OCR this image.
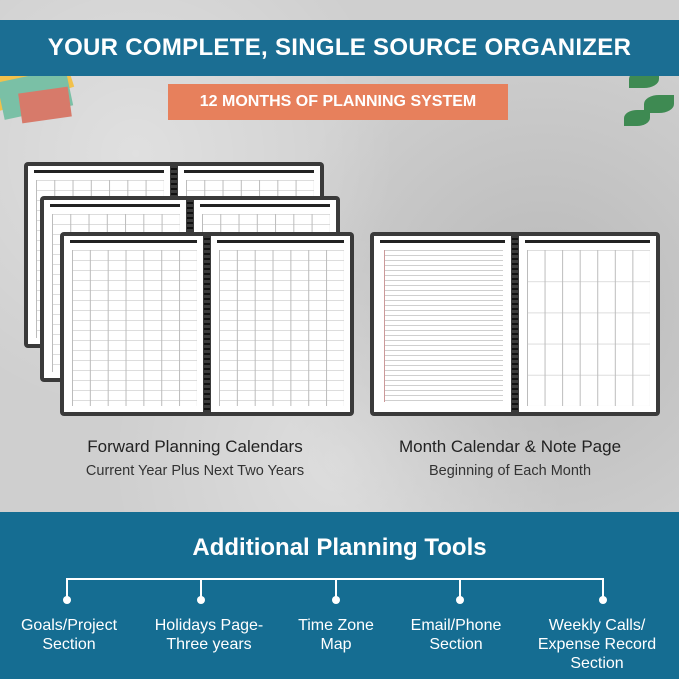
YOUR COMPLETE, SINGLE SOURCE ORGANIZER
12 MONTHS OF PLANNING SYSTEM
Forward Planning Calendars
Current Year Plus Next Two Years
Month Calendar & Note Page
Beginning of Each Month
Additional Planning Tools
Goals/Project
Section
Holidays Page-
Three years
Time Zone
Map
Email/Phone
Section
Weekly Calls/
Expense Record
Section
